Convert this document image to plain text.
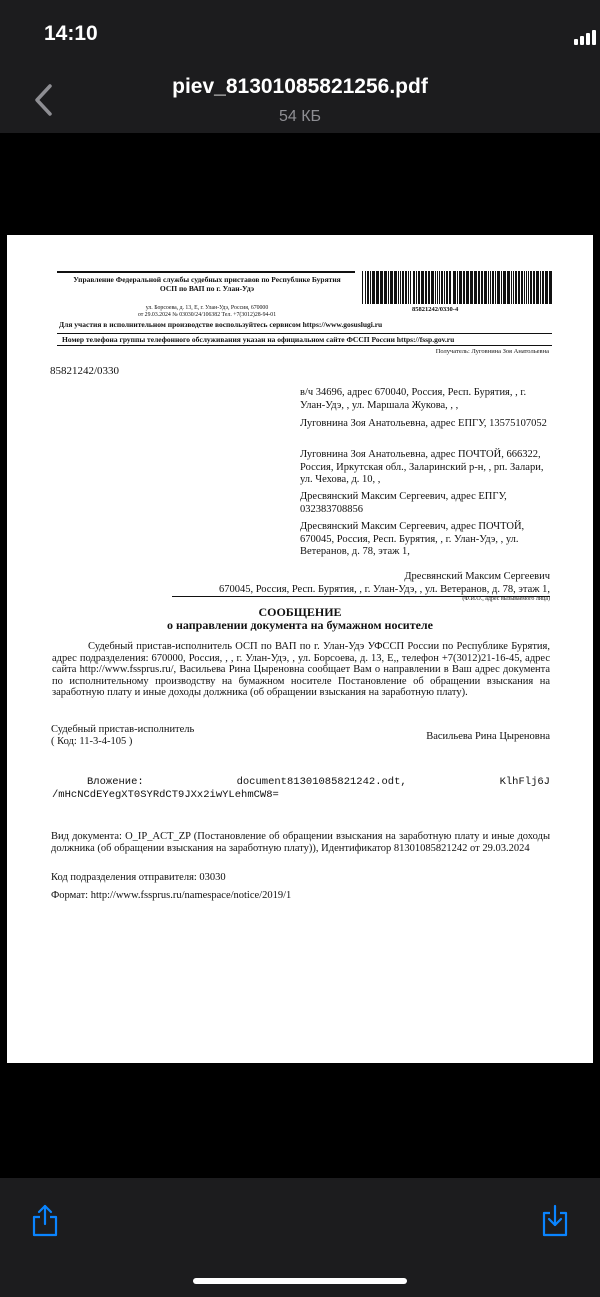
14:10
piev_81301085821256.pdf
54 КБ
Управление Федеральной службы судебных приставов по Республике Бурятия
ОСП по ВАП по г. Улан-Удэ
ул. Борсоева, д. 13, Е, г. Улан-Удэ, Россия, 670000
от 29.03.2024 № 03030/24/106382 Тел. +7(3012)28-94-01
85821242/0330-4
Для участия в исполнительном производстве воспользуйтесь сервисом https://www.gosuslugi.ru
Номер телефона группы телефонного обслуживания указан на официальном сайте ФССП России https://fssp.gov.ru
Получатель: Луговнина Зоя Анатольевна
85821242/0330
в/ч 34696, адрес 670040, Россия, Респ. Бурятия, , г. Улан-Удэ, , ул. Маршала Жукова, , ,
Луговнина Зоя Анатольевна, адрес ЕПГУ, 13575107052
Луговнина Зоя Анатольевна, адрес ПОЧТОЙ, 666322, Россия, Иркутская обл., Заларинский р-н, , рп. Залари, ул. Чехова, д. 10, ,
Дресвянский Максим Сергеевич, адрес ЕПГУ, 032383708856
Дресвянский Максим Сергеевич, адрес ПОЧТОЙ, 670045, Россия, Респ. Бурятия, , г. Улан-Удэ, , ул. Ветеранов, д. 78, этаж 1,
Дресвянский Максим Сергеевич
670045, Россия, Респ. Бурятия, , г. Улан-Удэ, , ул. Ветеранов, д. 78, этаж 1,
(Ф.И.О., адрес вызываемого лица)
СООБЩЕНИЕ
о направлении документа на бумажном носителе
Судебный пристав-исполнитель ОСП по ВАП по г. Улан-Удэ УФССП России по Республике Бурятия, адрес подразделения: 670000, Россия, , , г. Улан-Удэ, , ул. Борсоева, д. 13, Е,, телефон +7(3012)21-16-45, адрес сайта http://www.fssprus.ru/, Васильева Рина Цыреновна сообщает Вам о направлении в Ваш адрес документа по исполнительному производству на бумажном носителе Постановление об обращении взыскания на заработную плату и иные доходы должника (об обращении взыскания на заработную плату).
Судебный пристав-исполнитель
( Код: 11-3-4-105 )	Васильева Рина Цыреновна
Вложение:	document81301085821242.odt,	KlhFlj6J
/mHcNCdEYegXT0SYRdCT9JXx2iwYLehmCW8=
Вид документа: O_IP_ACT_ZP (Постановление об обращении взыскания на заработную плату и иные доходы должника (об обращении взыскания на заработную плату)), Идентификатор 81301085821242 от 29.03.2024
Код подразделения отправителя: 03030
Формат: http://www.fssprus.ru/namespace/notice/2019/1
